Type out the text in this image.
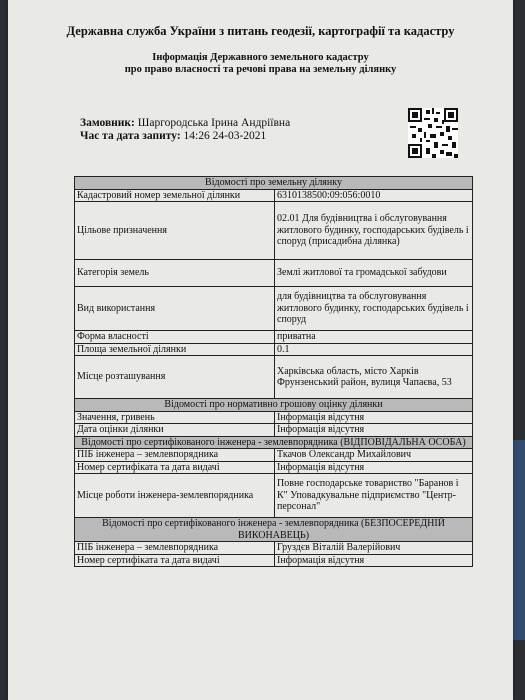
Державна служба України з питань геодезії, картографії та кадастру
Інформація Державного земельного кадастру
про право власності та речові права на земельну ділянку
Замовник: Шаргородська Ірина Андріївна
Час та дата запиту: 14:26 24-03-2021
Відомості про земельну ділянку	
Кадастровий номер земельної ділянки	6310138500:09:056:0010
Цільове призначення	02.01 Для будівництва і обслуговування житлового будинку, господарських будівель і споруд (присадибна ділянка)
Категорія земель	Землі житлової та громадської забудови
Вид використання	для будівництва та обслуговування житлового будинку, господарських будівель і споруд
Форма власності	приватна
Площа земельної ділянки	0.1
Місце розташування	Харківська область, місто Харків Фрунзенський район, вулиця Чапаєва, 53
Відомості про нормативно грошову оцінку ділянки	
Значення, гривень	Інформація відсутня
Дата оцінки ділянки	Інформація відсутня
Відомості про сертифікованого інженера - землевпорядника (ВІДПОВІДАЛЬНА ОСОБА)	
ПІБ інженера – землевпорядника	Ткачов Олександр Михайлович
Номер сертифіката та дата видачі	Інформація відсутня
Місце роботи інженера-землевпорядника	Повне господарське товариство "Баранов і К" Уповадкувальне підприємство "Центр-персонал"
Відомості про сертифікованого інженера - землевпорядника (БЕЗПОСЕРЕДНІЙ ВИКОНАВЕЦЬ)	
ПІБ інженера – землевпорядника	Груздєв Віталій Валерійович
Номер сертифіката та дата видачі	Інформація відсутня
